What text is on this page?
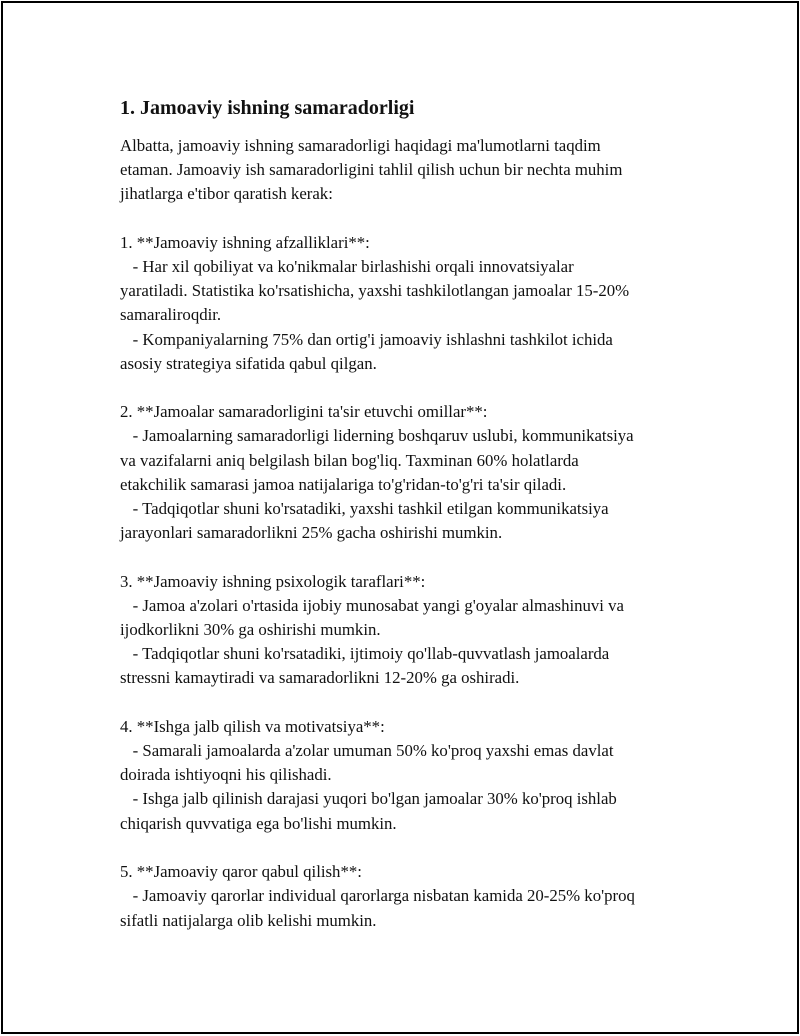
1. Jamoaviy ishning samaradorligi

Albatta, jamoaviy ishning samaradorligi haqidagi ma'lumotlarni taqdim
etaman. Jamoaviy ish samaradorligini tahlil qilish uchun bir nechta muhim
jihatlarga e'tibor qaratish kerak:

1. **Jamoaviy ishning afzalliklari**:
- Har xil qobiliyat va ko'nikmalar birlashishi orqali innovatsiyalar
yaratiladi. Statistika ko'rsatishicha, yaxshi tashkilotlangan jamoalar 15-20%
samaraliroqdir.
- Kompaniyalarning 75% dan ortig'i jamoaviy ishlashni tashkilot ichida
asosiy strategiya sifatida qabul qilgan.

2. **Jamoalar samaradorligini ta'sir etuvchi omillar**:
- Jamoalarning samaradorligi liderning boshqaruv uslubi, kommunikatsiya
va vazifalarni aniq belgilash bilan bog'liq. Taxminan 60% holatlarda
etakchilik samarasi jamoa natijalariga to'g'ridan-to'g'ri ta'sir qiladi.
- Tadqiqotlar shuni ko'rsatadiki, yaxshi tashkil etilgan kommunikatsiya
jarayonlari samaradorlikni 25% gacha oshirishi mumkin.

3. **Jamoaviy ishning psixologik taraflari**:
- Jamoa a'zolari o'rtasida ijobiy munosabat yangi g'oyalar almashinuvi va
ijodkorlikni 30% ga oshirishi mumkin.
- Tadqiqotlar shuni ko'rsatadiki, ijtimoiy qo'llab-quvvatlash jamoalarda
stressni kamaytiradi va samaradorlikni 12-20% ga oshiradi.

4. **Ishga jalb qilish va motivatsiya**:
- Samarali jamoalarda a'zolar umuman 50% ko'proq yaxshi emas davlat
doirada ishtiyoqni his qilishadi.
- Ishga jalb qilinish darajasi yuqori bo'lgan jamoalar 30% ko'proq ishlab
chiqarish quvvatiga ega bo'lishi mumkin.

5. **Jamoaviy qaror qabul qilish**:
- Jamoaviy qarorlar individual qarorlarga nisbatan kamida 20-25% ko'proq
sifatli natijalarga olib kelishi mumkin.
